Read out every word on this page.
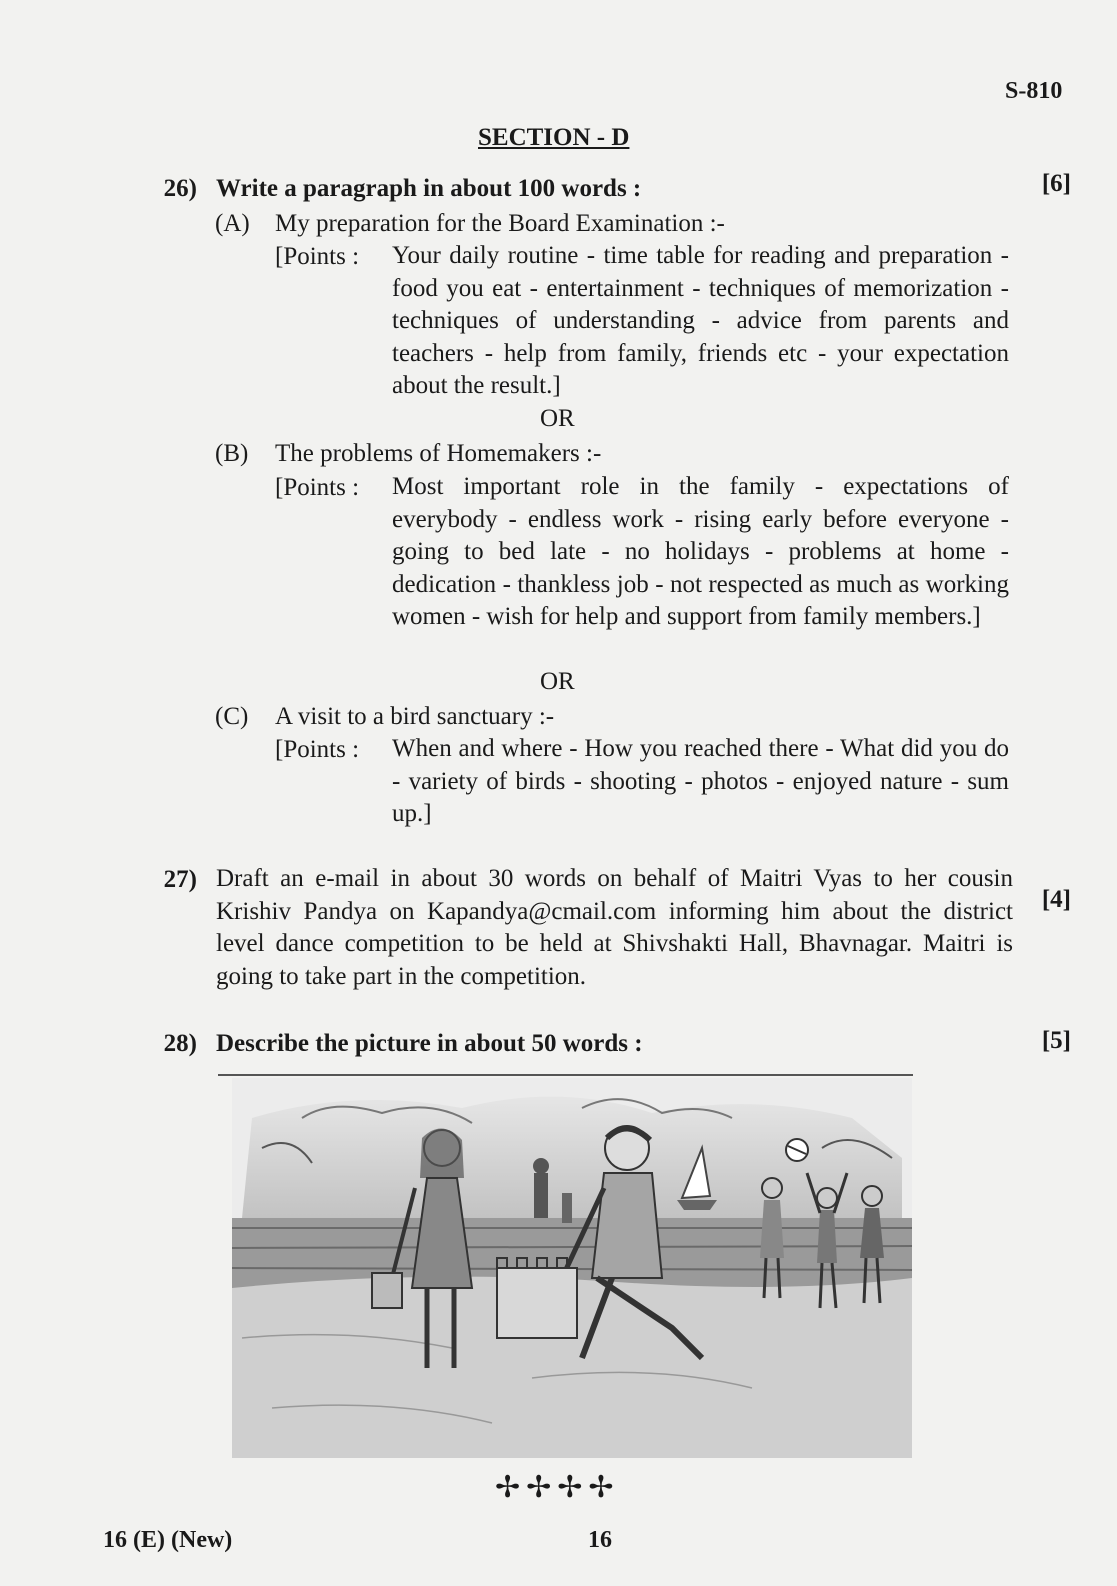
S-810
SECTION - D
26) Write a paragraph in about 100 words :	[6]
(A) My preparation for the Board Examination :-
[Points : Your daily routine - time table for reading and preparation - food you eat - entertainment - techniques of memorization - techniques of understanding - advice from parents and teachers - help from family, friends etc - your expectation about the result.]
OR
(B) The problems of Homemakers :-
[Points : Most important role in the family - expectations of everybody - endless work - rising early before everyone - going to bed late - no holidays - problems at home - dedication - thankless job - not respected as much as working women - wish for help and support from family members.]
OR
(C) A visit to a bird sanctuary :-
[Points : When and where - How you reached there - What did you do - variety of birds - shooting - photos - enjoyed nature - sum up.]
27) Draft an e-mail in about 30 words on behalf of Maitri Vyas to her cousin Krishiv Pandya on Kapandya@cmail.com informing him about the district level dance competition to be held at Shivshakti Hall, Bhavnagar. Maitri is going to take part in the competition.
[4]
28) Describe the picture in about 50 words :	[5]
✢✢✢✢
16 (E) (New)	16
